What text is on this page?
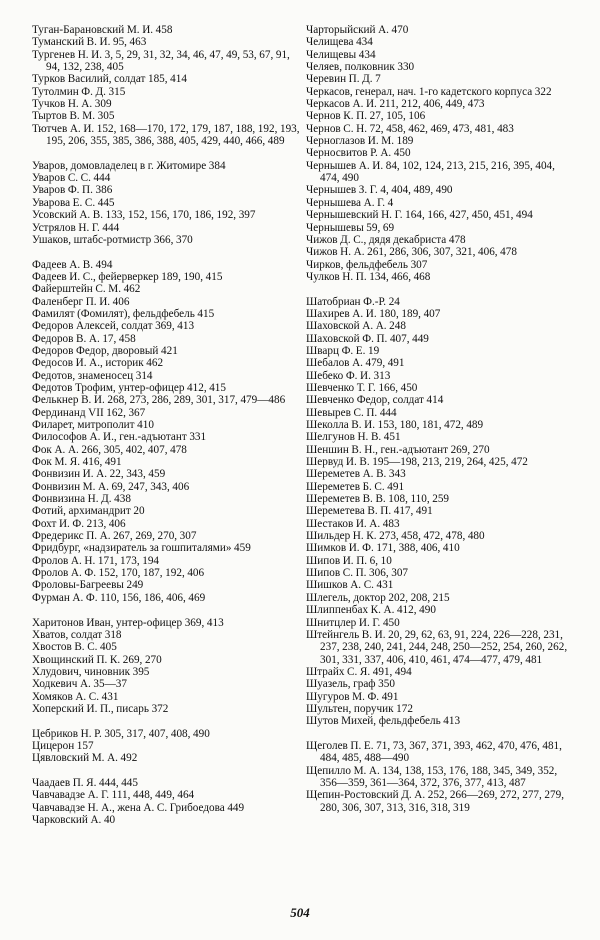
Туган-Барановский М. И. 458
Туманский В. И. 95, 463
Тургенев Н. И. 3, 5, 29, 31, 32, 34, 46, 47, 49, 53, 67, 91, 94, 132, 238, 405
Турков Василий, солдат 185, 414
Тутолмин Ф. Д. 315
Тучков Н. А. 309
Тыртов В. М. 305
Тютчев А. И. 152, 168—170, 172, 179, 187, 188, 192, 193, 195, 206, 355, 385, 386, 388, 405, 429, 440, 466, 489
Уваров, домовладелец в г. Житомире 384
Уваров С. С. 444
Уваров Ф. П. 386
Уварова Е. С. 445
Усовский А. В. 133, 152, 156, 170, 186, 192, 397
Устрялов Н. Г. 444
Ушаков, штабс-ротмистр 366, 370
Фадеев А. В. 494
Фадеев И. С., фейерверкер 189, 190, 415
Файерштейн С. М. 462
Фаленберг П. И. 406
Фамилят (Фомилят), фельдфебель 415
Федоров Алексей, солдат 369, 413
Федоров В. А. 17, 458
Федоров Федор, дворовый 421
Федосов И. А., историк 462
Федотов, знаменосец 314
Федотов Трофим, унтер-офицер 412, 415
Фелькнер В. И. 268, 273, 286, 289, 301, 317, 479—486
Фердинанд VII 162, 367
Филарет, митрополит 410
Философов А. И., ген.-адъютант 331
Фок А. А. 266, 305, 402, 407, 478
Фок М. Я. 416, 491
Фонвизин И. А. 22, 343, 459
Фонвизин М. А. 69, 247, 343, 406
Фонвизина Н. Д. 438
Фотий, архимандрит 20
Фохт И. Ф. 213, 406
Фредерикс П. А. 267, 269, 270, 307
Фридбург, «надзиратель за гошпиталями» 459
Фролов А. Н. 171, 173, 194
Фролов А. Ф. 152, 170, 187, 192, 406
Фроловы-Багреевы 249
Фурман А. Ф. 110, 156, 186, 406, 469
Харитонов Иван, унтер-офицер 369, 413
Хватов, солдат 318
Хвостов В. С. 405
Хвощинский П. К. 269, 270
Хлудович, чиновник 395
Ходкевич А. 35—37
Хомяков А. С. 431
Хоперский И. П., писарь 372
Цебриков Н. Р. 305, 317, 407, 408, 490
Цицерон 157
Цявловский М. А. 492
Чаадаев П. Я. 444, 445
Чавчавадзе А. Г. 111, 448, 449, 464
Чавчавадзе Н. А., жена А. С. Грибоедова 449
Чарковский А. 40
Чарторыйский А. 470
Челищева 434
Челищевы 434
Челяев, полковник 330
Черевин П. Д. 7
Черкасов, генерал, нач. 1-го кадетского корпуса 322
Черкасов А. И. 211, 212, 406, 449, 473
Чернов К. П. 27, 105, 106
Чернов С. Н. 72, 458, 462, 469, 473, 481, 483
Черноглазов И. М. 189
Черносвитов Р. А. 450
Чернышев А. И. 84, 102, 124, 213, 215, 216, 395, 404, 474, 490
Чернышев З. Г. 4, 404, 489, 490
Чернышева А. Г. 4
Чернышевский Н. Г. 164, 166, 427, 450, 451, 494
Чернышевы 59, 69
Чижов Д. С., дядя декабриста 478
Чижов Н. А. 261, 286, 306, 307, 321, 406, 478
Чирков, фельдфебель 307
Чулков Н. П. 134, 466, 468
Шатобриан Ф.-Р. 24
Шахирев А. И. 180, 189, 407
Шаховской А. А. 248
Шаховской Ф. П. 407, 449
Шварц Ф. Е. 19
Шебалов А. 479, 491
Шебеко Ф. И. 313
Шевченко Т. Г. 166, 450
Шевченко Федор, солдат 414
Шевырев С. П. 444
Шеколла В. И. 153, 180, 181, 472, 489
Шелгунов Н. В. 451
Шеншин В. Н., ген.-адъютант 269, 270
Шервуд И. В. 195—198, 213, 219, 264, 425, 472
Шереметев А. В. 343
Шереметев Б. С. 491
Шереметев В. В. 108, 110, 259
Шереметева В. П. 417, 491
Шестаков И. А. 483
Шильдер Н. К. 273, 458, 472, 478, 480
Шимков И. Ф. 171, 388, 406, 410
Шипов И. П. 6, 10
Шипов С. П. 306, 307
Шишков А. С. 431
Шлегель, доктор 202, 208, 215
Шлиппенбах К. А. 412, 490
Шнитцлер И. Г. 450
Штейнгель В. И. 20, 29, 62, 63, 91, 224, 226—228, 231, 237, 238, 240, 241, 244, 248, 250—252, 254, 260, 262, 301, 331, 337, 406, 410, 461, 474—477, 479, 481
Штрайх С. Я. 491, 494
Шуазель, граф 350
Шугуров М. Ф. 491
Шультен, поручик 172
Шутов Михей, фельдфебель 413
Щеголев П. Е. 71, 73, 367, 371, 393, 462, 470, 476, 481, 484, 485, 488—490
Щепилло М. А. 134, 138, 153, 176, 188, 345, 349, 352, 356—359, 361—364, 372, 376, 377, 413, 487
Щепин-Ростовский Д. А. 252, 266—269, 272, 277, 279, 280, 306, 307, 313, 316, 318, 319
504
